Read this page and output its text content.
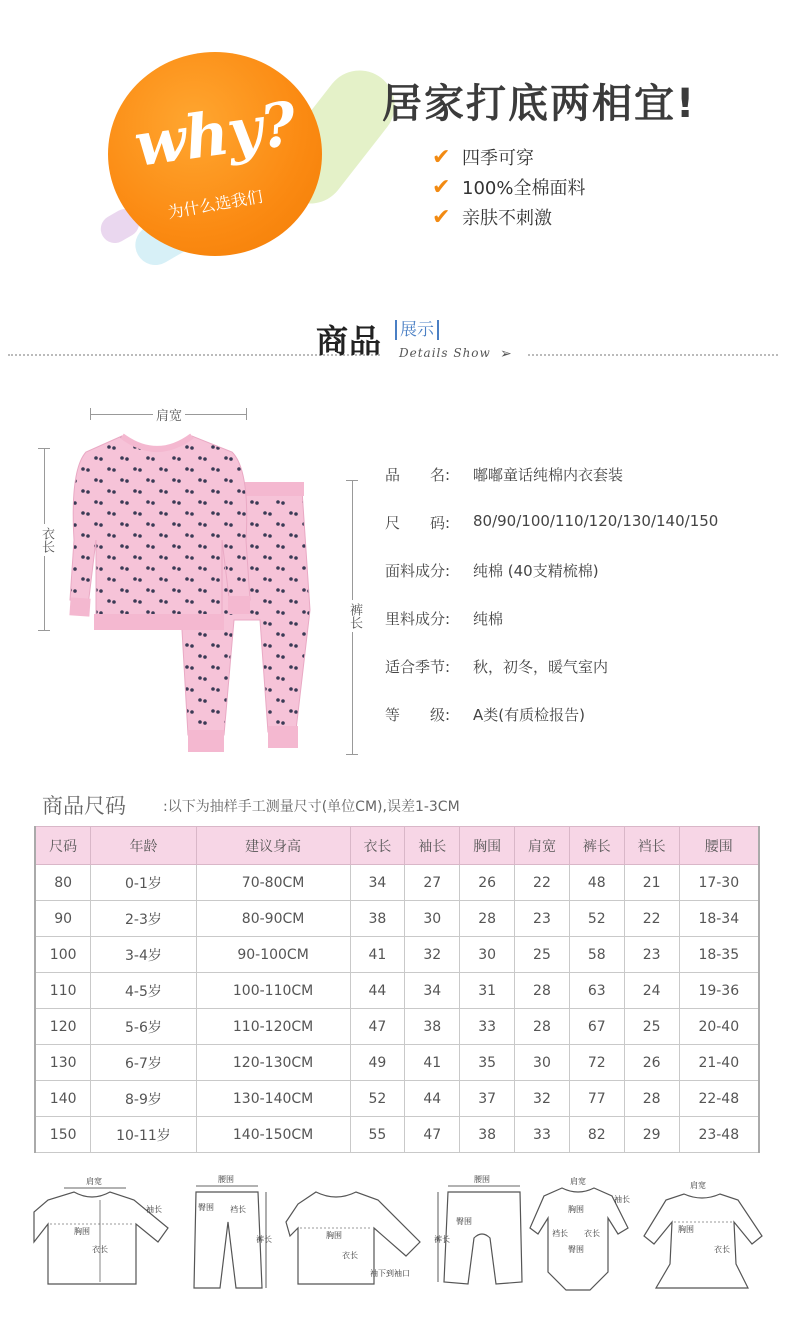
why?
为什么选我们
居家打底两相宜!
✔ 四季可穿
✔ 100%全棉面料
✔ 亲肤不刺激
商品 展示
Details Show ➢
肩宽
衣长
裤长
品　　名:	嘟嘟童话纯棉内衣套装
尺　　码:	80/90/100/110/120/130/140/150
面料成分:	纯棉 (40支精梳棉)
里料成分:	纯棉
适合季节:	秋，初冬，暖气室内
等　　级:	A类(有质检报告)
商品尺码	:以下为抽样手工测量尺寸(单位CM),误差1-3CM
尺码	年龄	建议身高	衣长	袖长	胸围	肩宽	裤长	裆长	腰围
80	0-1岁	70-80CM	34	27	26	22	48	21	17-30
90	2-3岁	80-90CM	38	30	28	23	52	22	18-34
100	3-4岁	90-100CM	41	32	30	25	58	23	18-35
110	4-5岁	100-110CM	44	34	31	28	63	24	19-36
120	5-6岁	110-120CM	47	38	33	28	67	25	20-40
130	6-7岁	120-130CM	49	41	35	30	72	26	21-40
140	8-9岁	130-140CM	52	44	37	32	77	28	22-48
150	10-11岁	140-150CM	55	47	38	33	82	29	23-48
肩宽
胸围
衣长
袖长
腰围
臀围 裆长
裤长	胸围
衣长
袖下到袖口
腰围
臀围
裤长
肩宽
胸围
臀围
裆长 衣长
袖长
肩宽
胸围
衣长
